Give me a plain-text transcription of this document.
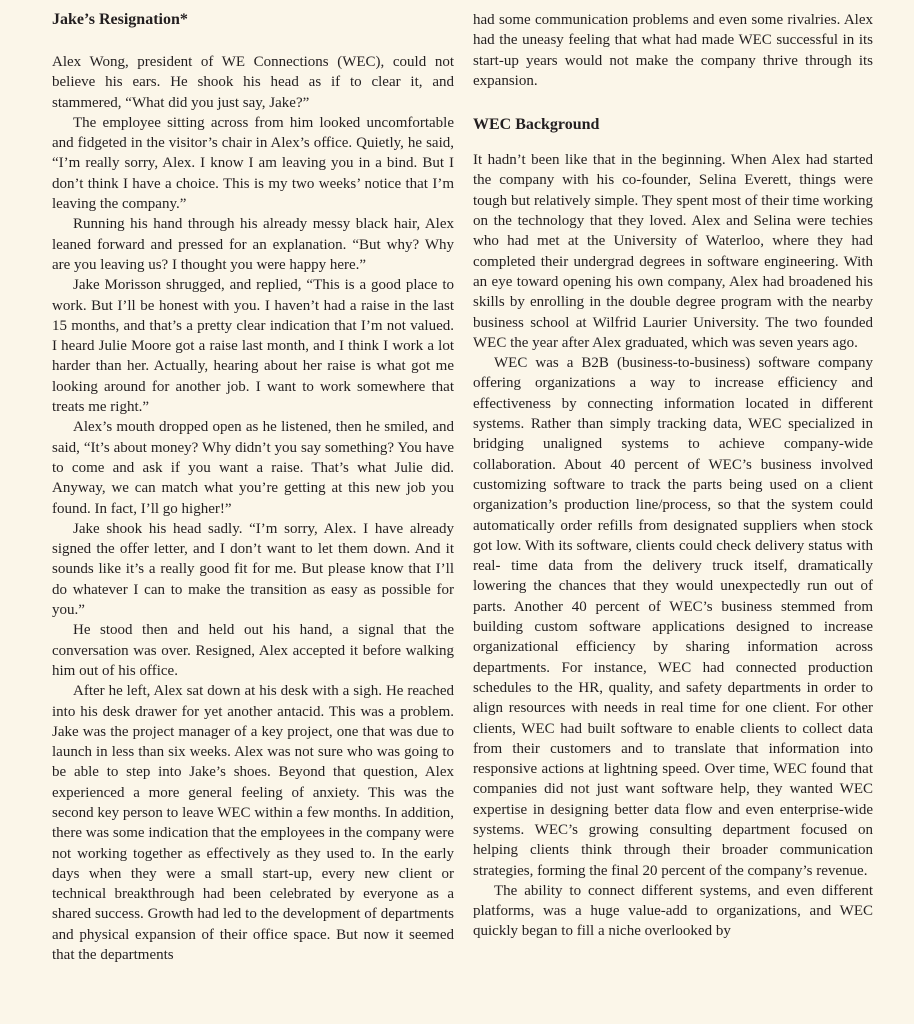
Jake’s Resignation*

Alex Wong, president of WE Connections (WEC), could not believe his ears. He shook his head as if to clear it, and stammered, “What did you just say, Jake?”

The employee sitting across from him looked uncomfortable and fidgeted in the visitor’s chair in Alex’s office. Quietly, he said, “I’m really sorry, Alex. I know I am leaving you in a bind. But I don’t think I have a choice. This is my two weeks’ notice that I’m leaving the company.”

Running his hand through his already messy black hair, Alex leaned forward and pressed for an explanation. “But why? Why are you leaving us? I thought you were happy here.”

Jake Morisson shrugged, and replied, “This is a good place to work. But I’ll be honest with you. I haven’t had a raise in the last 15 months, and that’s a pretty clear indication that I’m not valued. I heard Julie Moore got a raise last month, and I think I work a lot harder than her. Actually, hearing about her raise is what got me looking around for another job. I want to work somewhere that treats me right.”

Alex’s mouth dropped open as he listened, then he smiled, and said, “It’s about money? Why didn’t you say something? You have to come and ask if you want a raise. That’s what Julie did. Anyway, we can match what you’re getting at this new job you found. In fact, I’ll go higher!”

Jake shook his head sadly. “I’m sorry, Alex. I have already signed the offer letter, and I don’t want to let them down. And it sounds like it’s a really good fit for me. But please know that I’ll do whatever I can to make the transition as easy as possible for you.”

He stood then and held out his hand, a signal that the conversation was over. Resigned, Alex accepted it before walking him out of his office.

After he left, Alex sat down at his desk with a sigh. He reached into his desk drawer for yet another antacid. This was a problem. Jake was the project manager of a key project, one that was due to launch in less than six weeks. Alex was not sure who was going to be able to step into Jake’s shoes. Beyond that question, Alex experienced a more general feeling of anxiety. This was the second key person to leave WEC within a few months. In addition, there was some indication that the employees in the company were not working together as effectively as they used to. In the early days when they were a small start-up, every new client or technical breakthrough had been celebrated by everyone as a shared success. Growth had led to the development of departments and physical expansion of their office space. But now it seemed that the departments

had some communication problems and even some rivalries. Alex had the uneasy feeling that what had made WEC successful in its start-up years would not make the company thrive through its expansion.

WEC Background

It hadn’t been like that in the beginning. When Alex had started the company with his co-founder, Selina Everett, things were tough but relatively simple. They spent most of their time working on the technology that they loved. Alex and Selina were techies who had met at the University of Waterloo, where they had completed their undergrad degrees in software engineering. With an eye toward opening his own company, Alex had broadened his skills by enrolling in the double degree program with the nearby business school at Wilfrid Laurier University. The two founded WEC the year after Alex graduated, which was seven years ago.

WEC was a B2B (business-to-business) software company offering organizations a way to increase efficiency and effectiveness by connecting information located in different systems. Rather than simply tracking data, WEC specialized in bridging unaligned systems to achieve company-wide collaboration. About 40 percent of WEC’s business involved customizing software to track the parts being used on a client organization’s production line/process, so that the system could automatically order refills from designated suppliers when stock got low. With its software, clients could check delivery status with real- time data from the delivery truck itself, dramatically lowering the chances that they would unexpectedly run out of parts. Another 40 percent of WEC’s business stemmed from building custom software applications designed to increase organizational efficiency by sharing information across departments. For instance, WEC had connected production schedules to the HR, quality, and safety departments in order to align resources with needs in real time for one client. For other clients, WEC had built software to enable clients to collect data from their customers and to translate that information into responsive actions at lightning speed. Over time, WEC found that companies did not just want software help, they wanted WEC expertise in designing better data flow and even enterprise-wide systems. WEC’s growing consulting department focused on helping clients think through their broader communication strategies, forming the final 20 percent of the company’s revenue.

The ability to connect different systems, and even different platforms, was a huge value-add to organizations, and WEC quickly began to fill a niche overlooked by
